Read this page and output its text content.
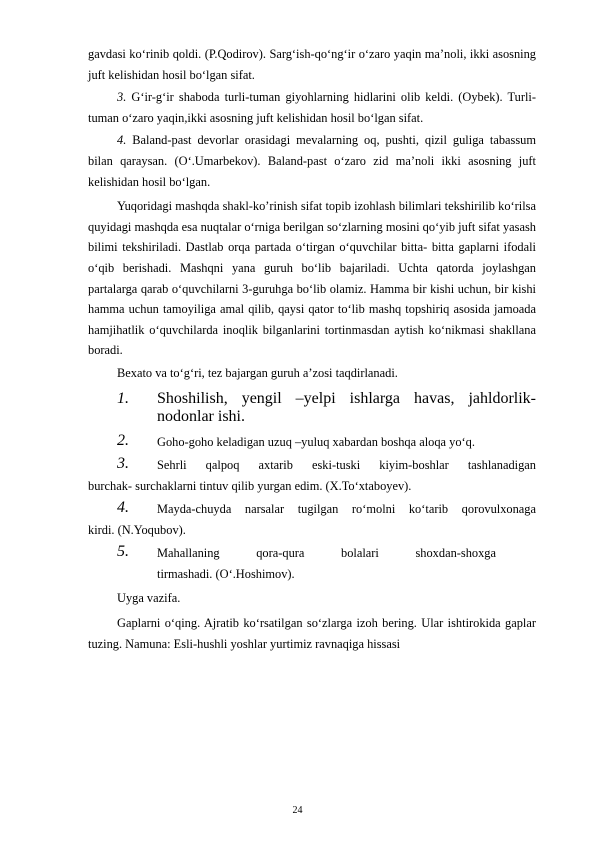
gavdasi ko‘rinib qoldi. (P.Qodirov). Sarg‘ish-qo‘ng‘ir o‘zaro yaqin ma’noli, ikki asosning juft kelishidan hosil bo‘lgan sifat.

3. G‘ir-g‘ir shaboda turli-tuman giyohlarning hidlarini olib keldi. (Oybek). Turli- tuman o‘zaro yaqin,ikki asosning juft kelishidan hosil bo‘lgan sifat.

4. Baland-past devorlar orasidagi mevalarning oq, pushti, qizil guliga tabassum bilan qaraysan. (O‘.Umarbekov). Baland-past o‘zaro zid ma’noli ikki asosning juft kelishidan hosil bo‘lgan.

Yuqoridagi mashqda shakl-ko’rinish sifat topib izohlash bilimlari tekshirilib ko‘rilsa quyidagi mashqda esa nuqtalar o‘rniga berilgan so‘zlarning mosini qo‘yib juft sifat yasash bilimi tekshiriladi. Dastlab orqa partada o‘tirgan o‘quvchilar bitta- bitta gaplarni ifodali o‘qib berishadi. Mashqni yana guruh bo‘lib bajariladi. Uchta qatorda joylashgan partalarga qarab o‘quvchilarni 3-guruhga bo‘lib olamiz. Hamma bir kishi uchun, bir kishi hamma uchun tamoyiliga amal qilib, qaysi qator to‘lib mashq topshiriq asosida jamoada hamjihatlik o‘quvchilarda inoqlik bilganlarini tortinmasdan aytish ko‘nikmasi shakllana boradi.

Bexato va to‘g‘ri, tez bajargan guruh a’zosi taqdirlanadi.

1.	Shoshilish, yengil –yelpi ishlarga havas, jahldorlik-nodonlar ishi.
2.	Goho-goho keladigan uzuq –yuluq xabardan boshqa aloqa yo‘q.

3.	Sehrli qalpoq axtarib eski-tuski kiyim-boshlar tashlanadigan

burchak- surchaklarni tintuv qilib yurgan edim. (X.To‘xtaboyev).

4.	Mayda-chuyda narsalar tugilgan ro‘molni ko‘tarib qorovulxonaga

kirdi. (N.Yoqubov).

5.	Mahallaning	qora-qura	bolalari	shoxdan-shoxga

tirmashadi. (O‘.Hoshimov).

Uyga vazifa.

Gaplarni o‘qing. Ajratib ko‘rsatilgan so‘zlarga izoh bering. Ular ishtirokida gaplar tuzing. Namuna: Esli-hushli yoshlar yurtimiz ravnaqiga hissasi

24
